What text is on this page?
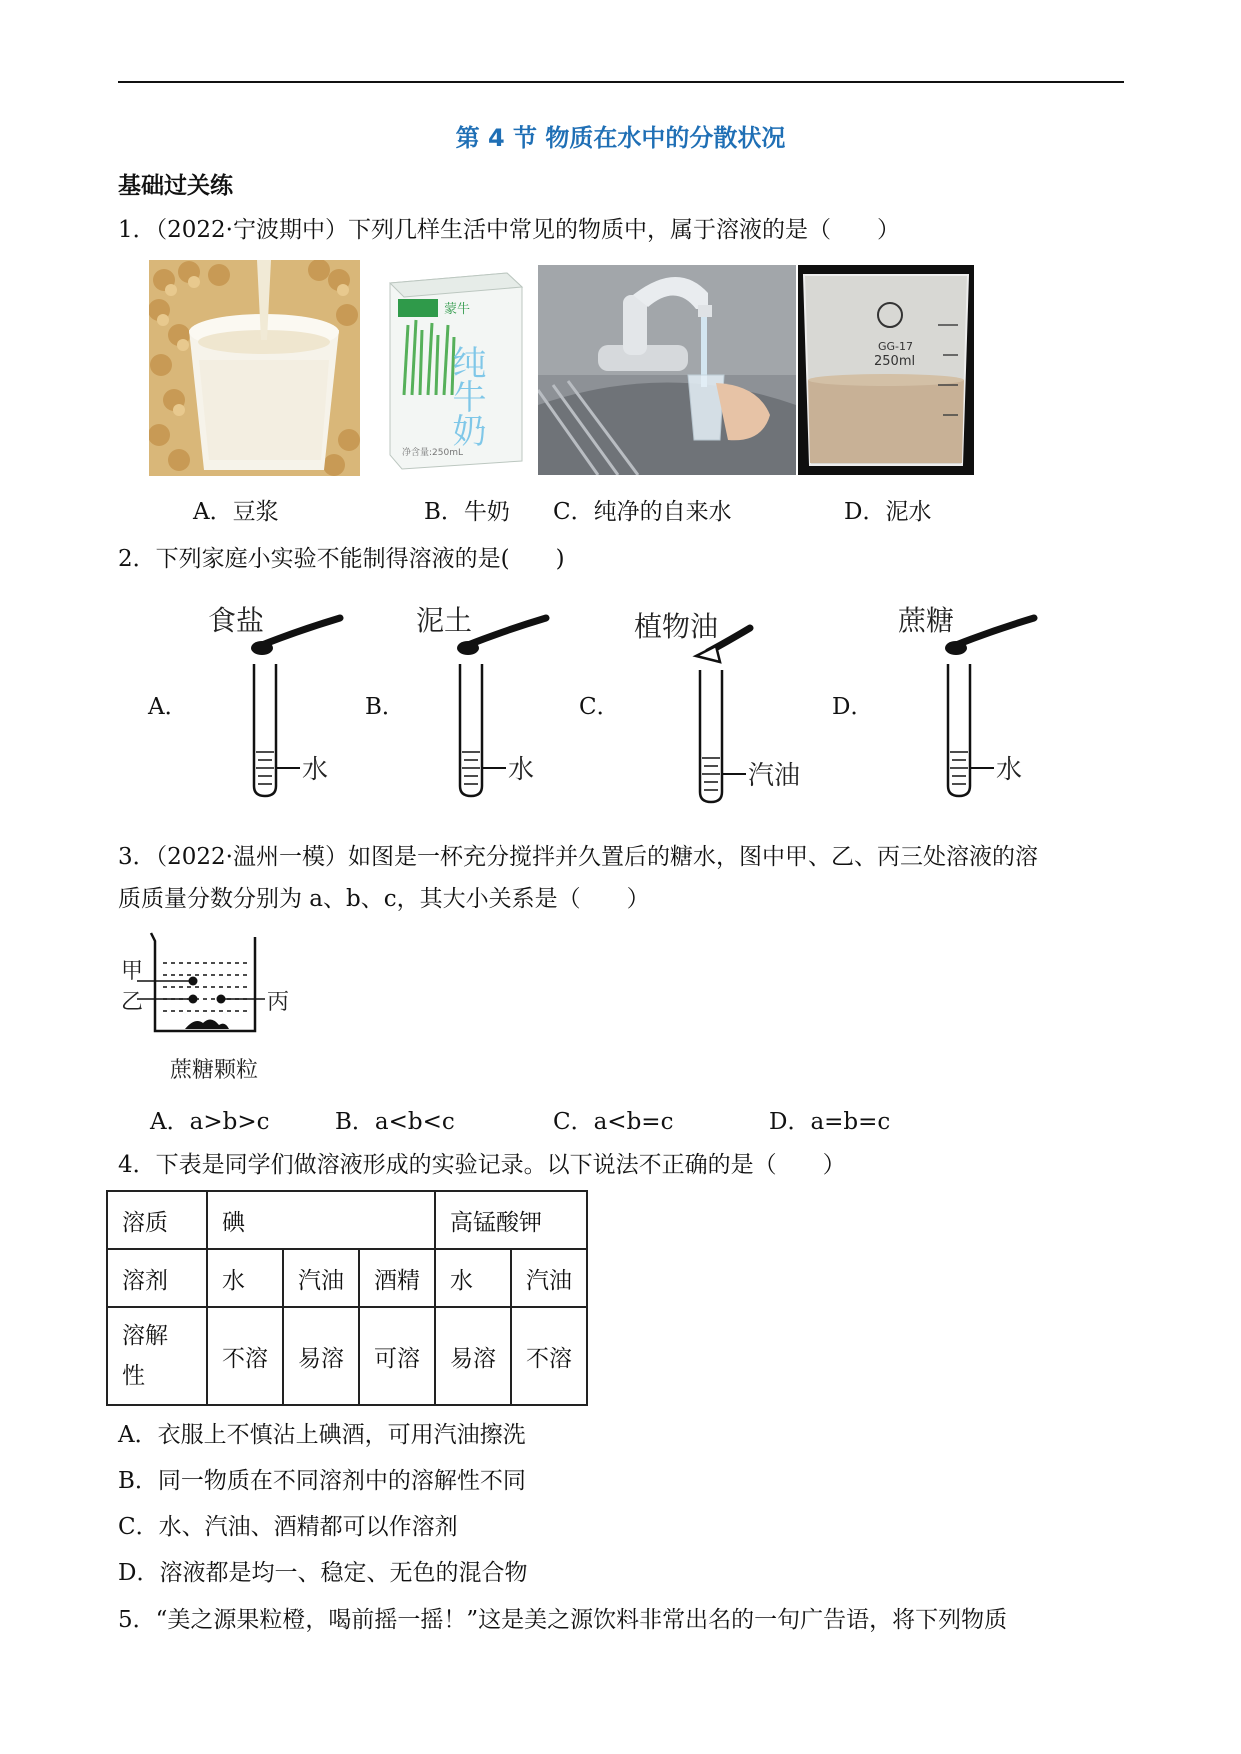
第 4 节 物质在水中的分散状况
基础过关练
1．（2022·宁波期中）下列几样生活中常见的物质中，属于溶液的是（　　）
蒙牛
纯牛奶
净含量:250mL
GG-17
250ml
A．豆浆	B．牛奶 C．纯净的自来水	D．泥水
2．下列家庭小实验不能制得溶液的是(　　)
A．	B．	C．	D．
食盐
水
泥土
水
植物油
汽油
蔗糖
水
3．（2022·温州一模）如图是一杯充分搅拌并久置后的糖水，图中甲、乙、丙三处溶液的溶
质质量分数分别为 a、b、c，其大小关系是（　　）
甲
乙	丙
蔗糖颗粒
A．a>b>c	B．a<b<c	C．a<b=c	D．a=b=c
4．下表是同学们做溶液形成的实验记录。以下说法不正确的是（　　）
溶质	碘			高锰酸钾	
溶剂	水	汽油	酒精	水	汽油
溶解
性	不溶	易溶	可溶	易溶	不溶
A．衣服上不慎沾上碘酒，可用汽油擦洗
B．同一物质在不同溶剂中的溶解性不同
C．水、汽油、酒精都可以作溶剂
D．溶液都是均一、稳定、无色的混合物
5．“美之源果粒橙，喝前摇一摇！”这是美之源饮料非常出名的一句广告语，将下列物质
